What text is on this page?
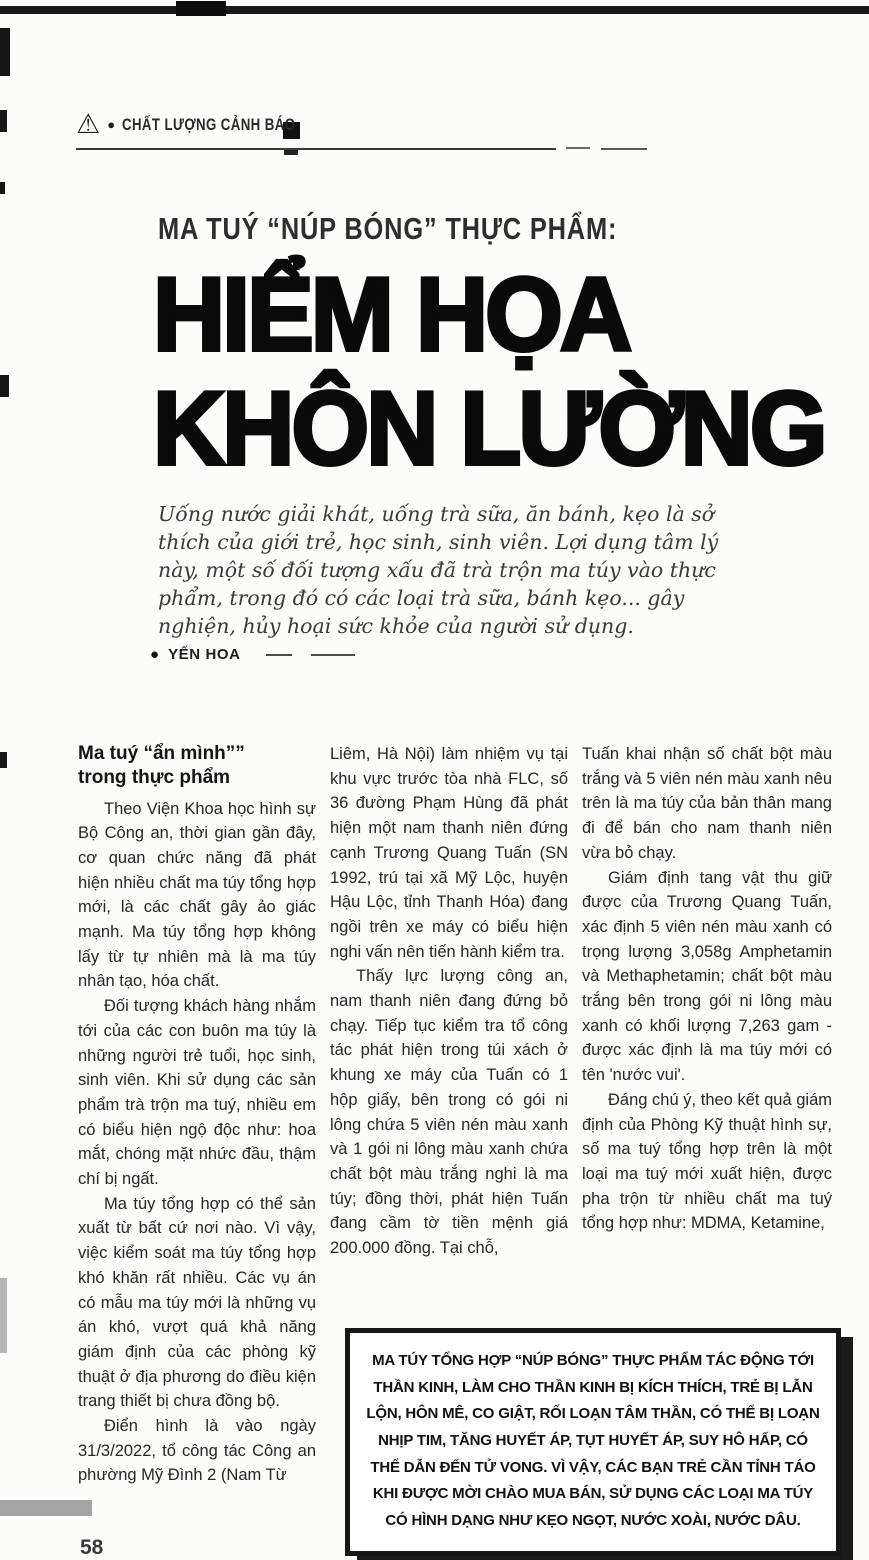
⚠ ● CHẤT LƯỢNG CẢNH BÁO
MA TUÝ “NÚP BÓNG” THỰC PHẨM:
HIỂM HỌA
KHÔN LƯỜNG
Uống nước giải khát, uống trà sữa, ăn bánh, kẹo là sở thích của giới trẻ, học sinh, sinh viên. Lợi dụng tâm lý này, một số đối tượng xấu đã trà trộn ma túy vào thực phẩm, trong đó có các loại trà sữa, bánh kẹo... gây nghiện, hủy hoại sức khỏe của người sử dụng.
● YẾN HOA
Ma tuý “ẩn mình””
trong thực phẩm

Theo Viện Khoa học hình sự Bộ Công an, thời gian gần đây, cơ quan chức năng đã phát hiện nhiều chất ma túy tổng hợp mới, là các chất gây ảo giác mạnh. Ma túy tổng hợp không lấy từ tự nhiên mà là ma túy nhân tạo, hóa chất.

Đối tượng khách hàng nhắm tới của các con buôn ma túy là những người trẻ tuổi, học sinh, sinh viên. Khi sử dụng các sản phẩm trà trộn ma tuý, nhiều em có biểu hiện ngộ độc như: hoa mắt, chóng mặt nhức đầu, thậm chí bị ngất.

Ma túy tổng hợp có thể sản xuất từ bất cứ nơi nào. Vì vậy, việc kiểm soát ma túy tổng hợp khó khăn rất nhiều. Các vụ án có mẫu ma túy mới là những vụ án khó, vượt quá khả năng giám định của các phòng kỹ thuật ở địa phương do điều kiện trang thiết bị chưa đồng bộ.

Điển hình là vào ngày 31/3/2022, tổ công tác Công an phường Mỹ Đình 2 (Nam Từ

Liêm, Hà Nội) làm nhiệm vụ tại khu vực trước tòa nhà FLC, số 36 đường Phạm Hùng đã phát hiện một nam thanh niên đứng cạnh Trương Quang Tuấn (SN 1992, trú tại xã Mỹ Lộc, huyện Hậu Lộc, tỉnh Thanh Hóa) đang ngồi trên xe máy có biểu hiện nghi vấn nên tiến hành kiểm tra.

Thấy lực lượng công an, nam thanh niên đang đứng bỏ chạy. Tiếp tục kiểm tra tổ công tác phát hiện trong túi xách ở khung xe máy của Tuấn có 1 hộp giấy, bên trong có gói ni lông chứa 5 viên nén màu xanh và 1 gói ni lông màu xanh chứa chất bột màu trắng nghi là ma túy; đồng thời, phát hiện Tuấn đang cầm tờ tiền mệnh giá 200.000 đồng. Tại chỗ,

Tuấn khai nhận số chất bột màu trắng và 5 viên nén màu xanh nêu trên là ma túy của bản thân mang đi để bán cho nam thanh niên vừa bỏ chạy.

Giám định tang vật thu giữ được của Trương Quang Tuấn, xác định 5 viên nén màu xanh có trọng lượng 3,058g Amphetamin và Methaphetamin; chất bột màu trắng bên trong gói ni lông màu xanh có khối lượng 7,263 gam - được xác định là ma túy mới có tên 'nước vui'.

Đáng chú ý, theo kết quả giám định của Phòng Kỹ thuật hình sự, số ma tuý tổng hợp trên là một loại ma tuý mới xuất hiện, được pha trộn từ nhiều chất ma tuý tổng hợp như: MDMA, Ketamine,

MA TÚY TỔNG HỢP “NÚP BÓNG” THỰC PHẨM TÁC ĐỘNG TỚI THẦN KINH, LÀM CHO THẦN KINH BỊ KÍCH THÍCH, TRẺ BỊ LẪN LỘN, HÔN MÊ, CO GIẬT, RỐI LOẠN TÂM THẦN, CÓ THỂ BỊ LOẠN NHỊP TIM, TĂNG HUYẾT ÁP, TỤT HUYẾT ÁP, SUY HÔ HẤP, CÓ THỂ DẪN ĐẾN TỬ VONG. VÌ VẬY, CÁC BẠN TRẺ CẦN TỈNH TÁO KHI ĐƯỢC MỜI CHÀO MUA BÁN, SỬ DỤNG CÁC LOẠI MA TÚY CÓ HÌNH DẠNG NHƯ KẸO NGỌT, NƯỚC XOÀI, NƯỚC DÂU.
58
